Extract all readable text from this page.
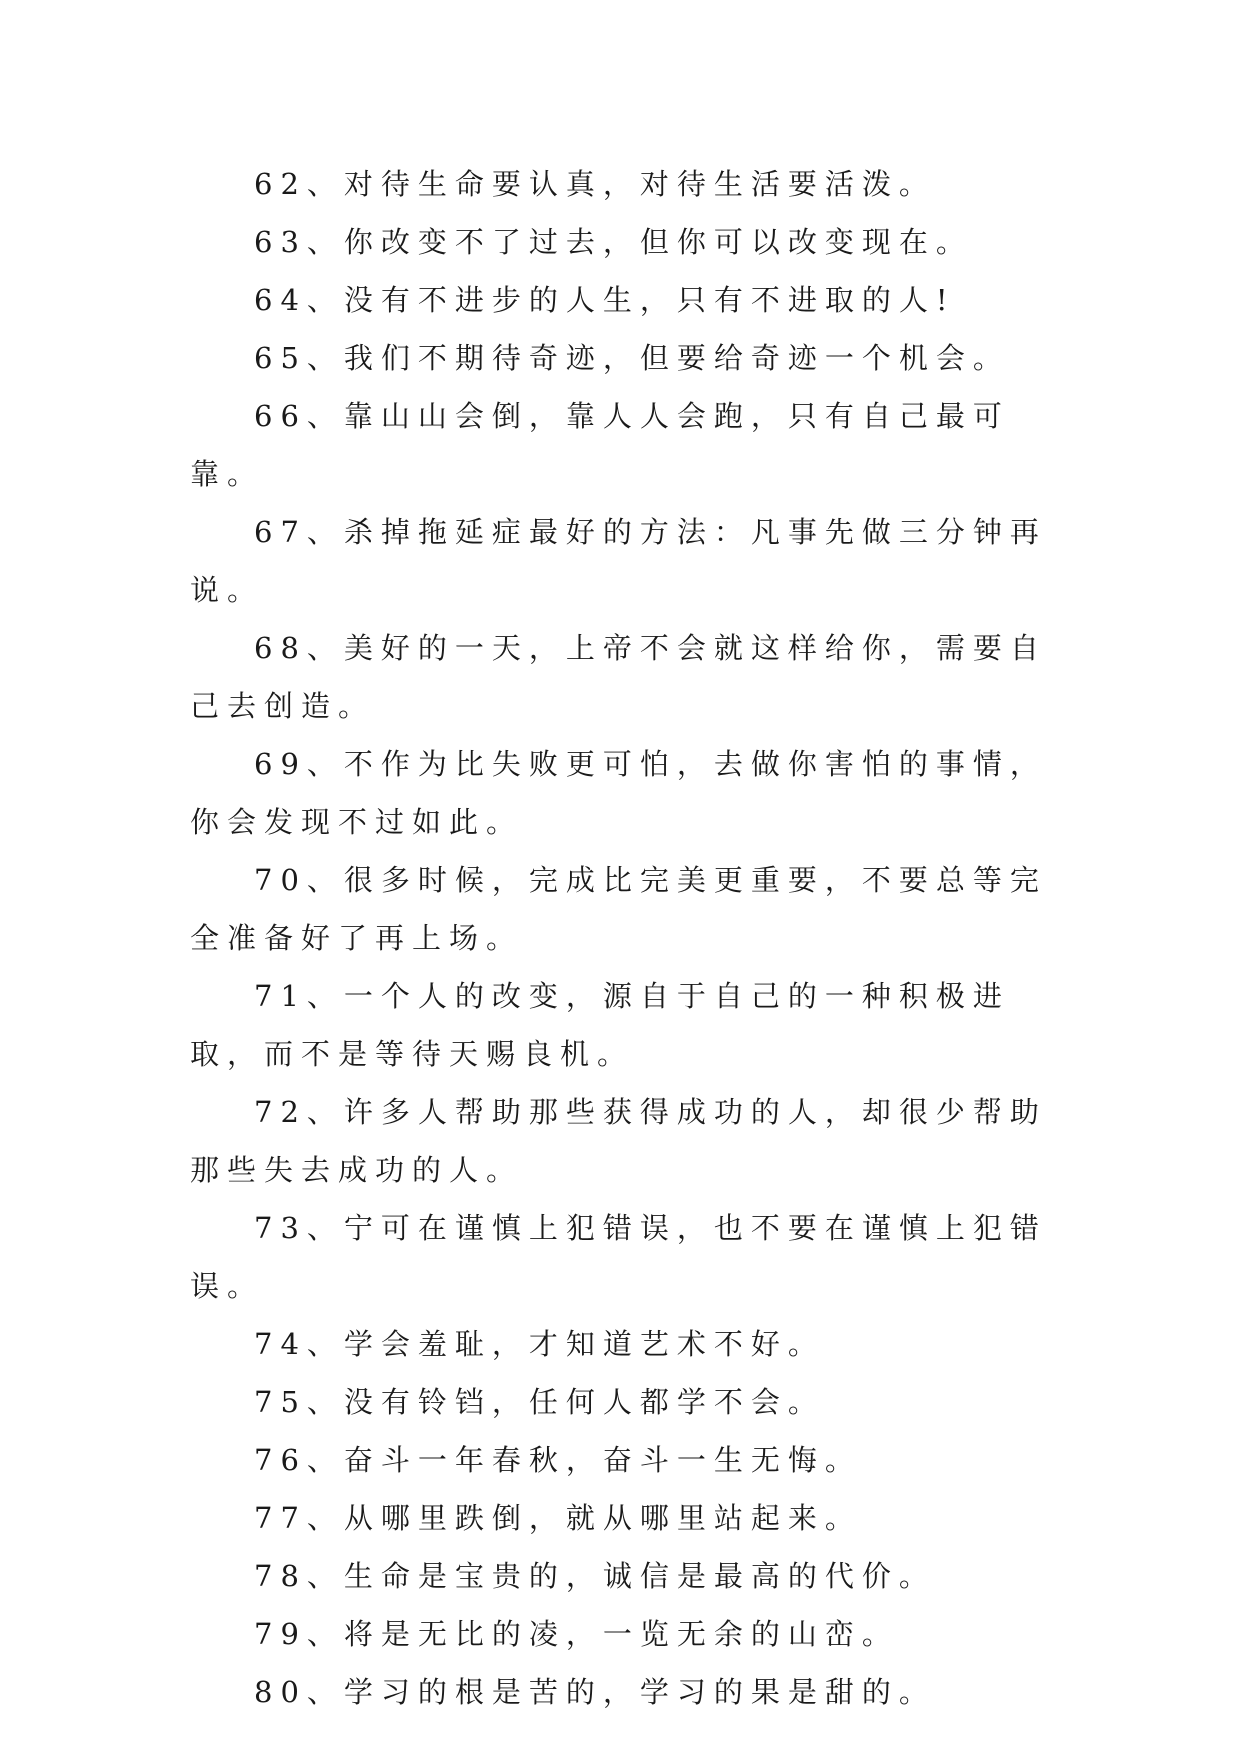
62、对待生命要认真，对待生活要活泼。

63、你改变不了过去，但你可以改变现在。

64、没有不进步的人生，只有不进取的人!

65、我们不期待奇迹，但要给奇迹一个机会。

66、靠山山会倒，靠人人会跑，只有自己最可靠。

67、杀掉拖延症最好的方法：凡事先做三分钟再说。

68、美好的一天，上帝不会就这样给你，需要自己去创造。

69、不作为比失败更可怕，去做你害怕的事情，你会发现不过如此。

70、很多时候，完成比完美更重要，不要总等完全准备好了再上场。

71、一个人的改变，源自于自己的一种积极进取，而不是等待天赐良机。

72、许多人帮助那些获得成功的人，却很少帮助那些失去成功的人。

73、宁可在谨慎上犯错误，也不要在谨慎上犯错误。

74、学会羞耻，才知道艺术不好。

75、没有铃铛，任何人都学不会。

76、奋斗一年春秋，奋斗一生无悔。

77、从哪里跌倒，就从哪里站起来。

78、生命是宝贵的，诚信是最高的代价。

79、将是无比的凌，一览无余的山峦。

80、学习的根是苦的，学习的果是甜的。
